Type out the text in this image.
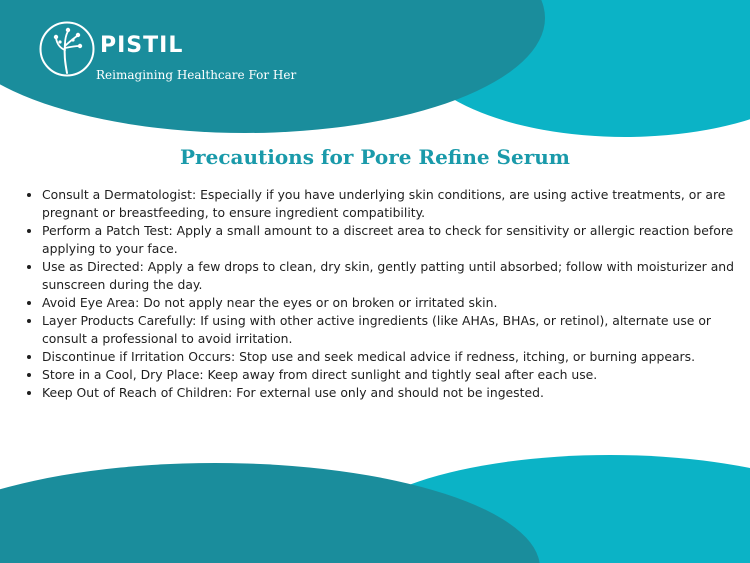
PISTIL
Reimagining Healthcare For Her
Precautions for Pore Refine Serum
• Consult a Dermatologist: Especially if you have underlying skin conditions, are using active treatments, or are pregnant or breastfeeding, to ensure ingredient compatibility.
• Perform a Patch Test: Apply a small amount to a discreet area to check for sensitivity or allergic reaction before applying to your face.
• Use as Directed: Apply a few drops to clean, dry skin, gently patting until absorbed; follow with moisturizer and sunscreen during the day.
• Avoid Eye Area: Do not apply near the eyes or on broken or irritated skin.
• Layer Products Carefully: If using with other active ingredients (like AHAs, BHAs, or retinol), alternate use or consult a professional to avoid irritation.
• Discontinue if Irritation Occurs: Stop use and seek medical advice if redness, itching, or burning appears.
• Store in a Cool, Dry Place: Keep away from direct sunlight and tightly seal after each use.
• Keep Out of Reach of Children: For external use only and should not be ingested.
